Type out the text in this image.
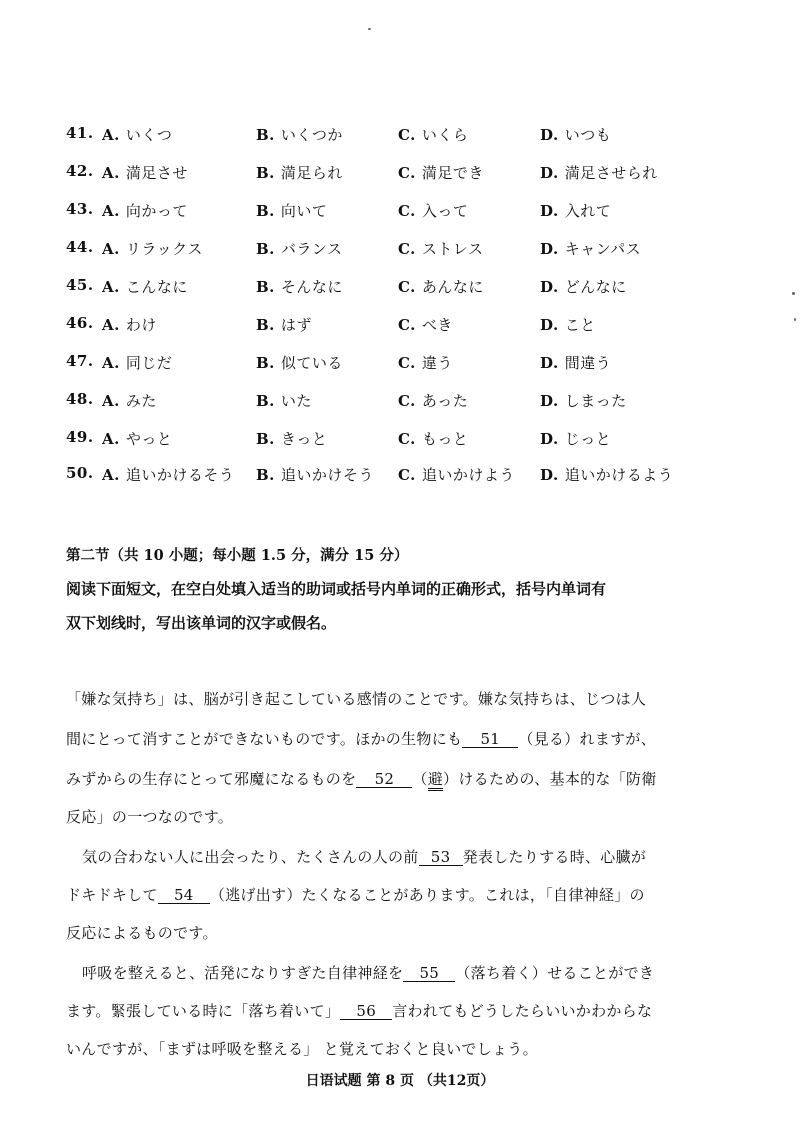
41. A. いくつ	B. いくつか	C. いくら	D. いつも
42. A. 満足させ	B. 満足られ	C. 満足でき	D. 満足させられ
43. A. 向かって	B. 向いて	C. 入って	D. 入れて
44. A. リラックス	B. バランス	C. ストレス	D. キャンパス
45. A. こんなに	B. そんなに	C. あんなに	D. どんなに
46. A. わけ	B. はず	C. べき	D. こと
47. A. 同じだ	B. 似ている	C. 違う	D. 間違う
48. A. みた	B. いた	C. あった	D. しまった
49. A. やっと	B. きっと	C. もっと	D. じっと
50. A. 追いかけるそう B. 追いかけそう C. 追いかけよう D. 追いかけるよう
第二节（共 10 小题；每小题 1.5 分，满分 15 分）
阅读下面短文，在空白处填入适当的助词或括号内单词的正确形式，括号内单词有
双下划线时，写出该单词的汉字或假名。
「嫌な気持ち」は、脳が引き起こしている感情のことです。嫌な気持ちは、じつは人
間にとって消すことができないものです。ほかの生物にも 51 （見る）れますが、
みずからの生存にとって邪魔になるものを 52 （避）けるための、基本的な「防衛
反応」の一つなのです。
気の合わない人に出会ったり、たくさんの人の前 53 発表したりする時、心臓が
ドキドキして 54 （逃げ出す）たくなることがあります。これは，「自律神経」の
反応によるものです。
呼吸を整えると、活発になりすぎた自律神経を 55 （落ち着く）せることができ
ます。緊張している時に「落ち着いて」 56 言われてもどうしたらいいかわからな
いんですが、「まずは呼吸を整える」 と覚えておくと良いでしょう。
日语试题 第 8 页 （共12页）
